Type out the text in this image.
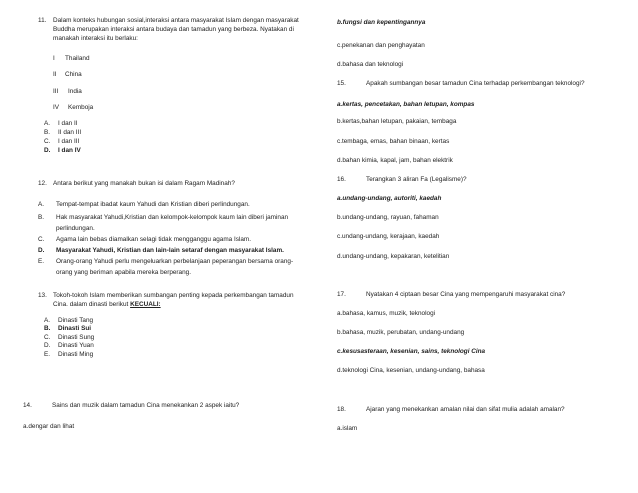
11. Dalam konteks hubungan sosial,interaksi antara masyarakat Islam dengan masyarakat
Buddha merupakan interaksi antara budaya dan tamadun yang berbeza. Nyatakan di
manakah interaksi itu berlaku:
I Thailand
II China
III India
IV Kemboja
A. I dan II
B. II dan III
C. I dan III
D. I dan IV
12. Antara berikut yang manakah bukan isi dalam Ragam Madinah?
A. Tempat-tempat ibadat kaum Yahudi dan Kristian diberi perlindungan.
B. Hak masyarakat Yahudi,Kristian dan kelompok-kelompok kaum lain diberi jaminan
perlindungan.
C. Agama lain bebas diamalkan selagi tidak mengganggu agama Islam.
D. Masyarakat Yahudi, Kristian dan lain-lain setaraf dengan masyarakat Islam.
E. Orang-orang Yahudi perlu mengeluarkan perbelanjaan peperangan bersama orang-
orang yang beriman apabila mereka berperang.
13. Tokoh-tokoh Islam memberikan sumbangan penting kepada perkembangan tamadun
Cina. dalam dinasti berikut KECUALI:
A. Dinasti Tang
B. Dinasti Sui
C. Dinasti Sung
D. Dinasti Yuan
E. Dinasti Ming
14.	Sains dan muzik dalam tamadun Cina menekankan 2 aspek iaitu?
a.dengar dan lihat
b.fungsi dan kepentingannya
c.penekanan dan penghayatan
d.bahasa dan teknologi
15.	Apakah sumbangan besar tamadun Cina terhadap perkembangan teknologi?
a.kertas, pencetakan, bahan letupan, kompas
b.kertas,bahan letupan, pakaian, tembaga
c.tembaga, emas, bahan binaan, kertas
d.bahan kimia, kapal, jam, bahan elektrik
16.	Terangkan 3 aliran Fa (Legalisme)?
a.undang-undang, autoriti, kaedah
b.undang-undang, rayuan, fahaman
c.undang-undang, kerajaan, kaedah
d.undang-undang, kepakaran, ketelitian
17.	Nyatakan 4 ciptaan besar Cina yang mempengaruhi masyarakat cina?
a.bahasa, kamus, muzik, teknologi
b.bahasa, muzik, perubatan, undang-undang
c.kesusasteraan, kesenian, sains, teknologi Cina
d.teknologi Cina, kesenian, undang-undang, bahasa
18.	Ajaran yang menekankan amalan nilai dan sifat mulia adalah amalan?
a.islam
